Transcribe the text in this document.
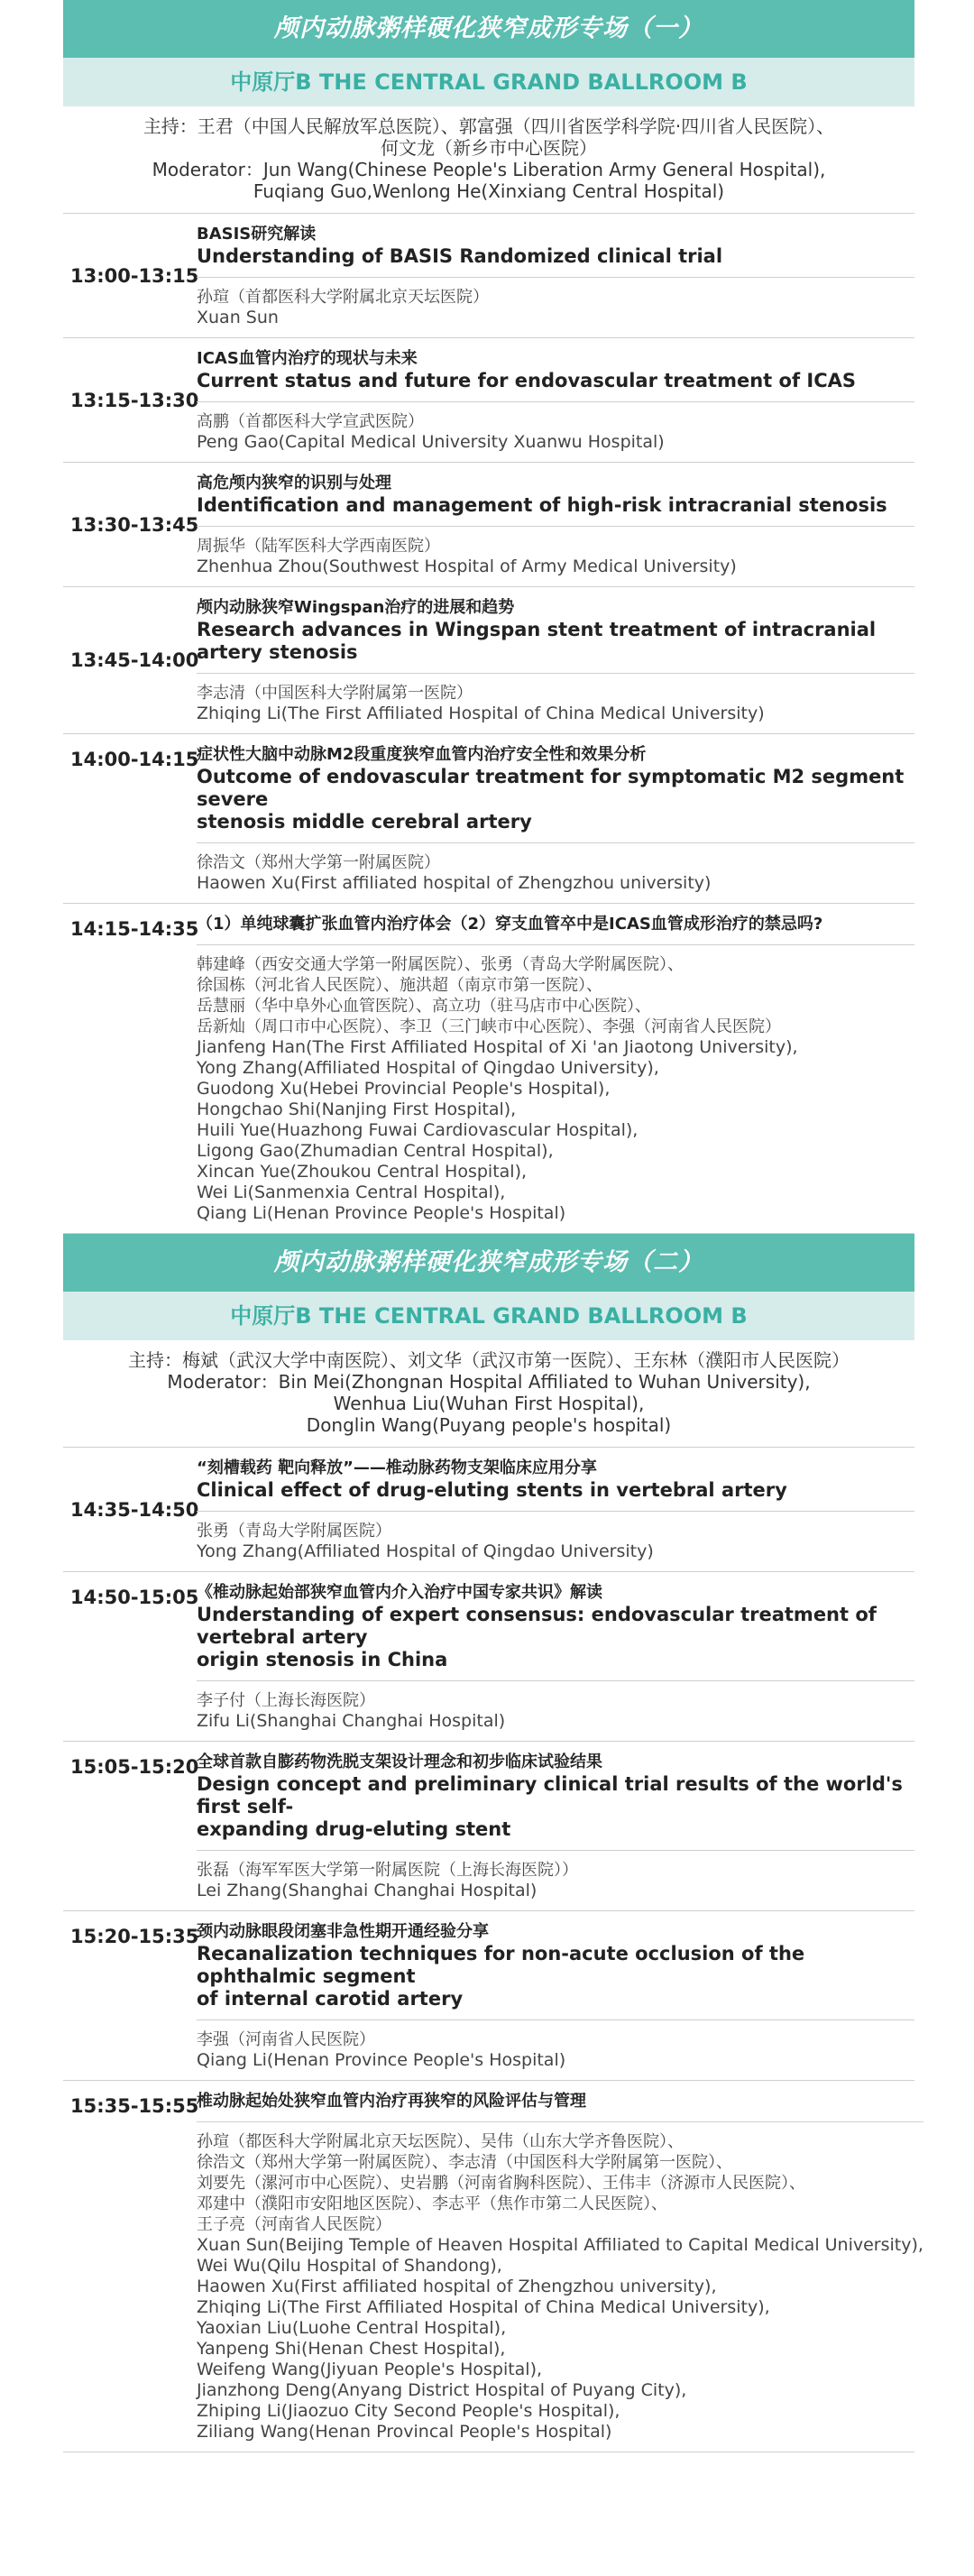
颅内动脉粥样硬化狭窄成形专场（一）
中原厅B THE CENTRAL GRAND BALLROOM B
主持：王君（中国人民解放军总医院）、郭富强（四川省医学科学院·四川省人民医院）、
何文龙（新乡市中心医院）
Moderator：Jun Wang(Chinese People's Liberation Army General Hospital),
Fuqiang Guo,Wenlong He(Xinxiang Central Hospital)
13:00-13:15
BASIS研究解读
Understanding of BASIS Randomized clinical trial
孙瑄（首都医科大学附属北京天坛医院）
Xuan Sun
13:15-13:30
ICAS血管内治疗的现状与未来
Current status and future for endovascular treatment of ICAS
高鹏（首都医科大学宣武医院）
Peng Gao(Capital Medical University Xuanwu Hospital)
13:30-13:45
高危颅内狭窄的识别与处理
Identification and management of high-risk intracranial stenosis
周振华（陆军医科大学西南医院）
Zhenhua Zhou(Southwest Hospital of Army Medical University)
13:45-14:00
颅内动脉狭窄Wingspan治疗的进展和趋势
Research advances in Wingspan stent treatment of intracranial artery stenosis
李志清（中国医科大学附属第一医院）
Zhiqing Li(The First Affiliated Hospital of China Medical University)
14:00-14:15
症状性大脑中动脉M2段重度狭窄血管内治疗安全性和效果分析
Outcome of endovascular treatment for symptomatic M2 segment severe
stenosis middle cerebral artery
徐浩文（郑州大学第一附属医院）
Haowen Xu(First affiliated hospital of Zhengzhou university)
14:15-14:35
（1）单纯球囊扩张血管内治疗体会（2）穿支血管卒中是ICAS血管成形治疗的禁忌吗?
韩建峰（西安交通大学第一附属医院）、张勇（青岛大学附属医院）、
徐国栋（河北省人民医院）、施洪超（南京市第一医院）、
岳慧丽（华中阜外心血管医院）、高立功（驻马店市中心医院）、
岳新灿（周口市中心医院）、李卫（三门峡市中心医院）、李强（河南省人民医院）
Jianfeng Han(The First Affiliated Hospital of Xi 'an Jiaotong University),
Yong Zhang(Affiliated Hospital of Qingdao University),
Guodong Xu(Hebei Provincial People's Hospital),
Hongchao Shi(Nanjing First Hospital),
Huili Yue(Huazhong Fuwai Cardiovascular Hospital),
Ligong Gao(Zhumadian Central Hospital),
Xincan Yue(Zhoukou Central Hospital),
Wei Li(Sanmenxia Central Hospital),
Qiang Li(Henan Province People's Hospital)
颅内动脉粥样硬化狭窄成形专场（二）
中原厅B THE CENTRAL GRAND BALLROOM B
主持：梅斌（武汉大学中南医院）、刘文华（武汉市第一医院）、王东林（濮阳市人民医院）
Moderator：Bin Mei(Zhongnan Hospital Affiliated to Wuhan University),
Wenhua Liu(Wuhan First Hospital),
Donglin Wang(Puyang people's hospital)
14:35-14:50
“刻槽载药 靶向释放”——椎动脉药物支架临床应用分享
Clinical effect of drug-eluting stents in vertebral artery
张勇（青岛大学附属医院）
Yong Zhang(Affiliated Hospital of Qingdao University)
14:50-15:05
《椎动脉起始部狭窄血管内介入治疗中国专家共识》解读
Understanding of expert consensus: endovascular treatment of vertebral artery
origin stenosis in China
李子付（上海长海医院）
Zifu Li(Shanghai Changhai Hospital)
15:05-15:20
全球首款自膨药物洗脱支架设计理念和初步临床试验结果
Design concept and preliminary clinical trial results of the world's first self-
expanding drug-eluting stent
张磊（海军军医大学第一附属医院（上海长海医院））
Lei Zhang(Shanghai Changhai Hospital)
15:20-15:35
颈内动脉眼段闭塞非急性期开通经验分享
Recanalization techniques for non-acute occlusion of the ophthalmic segment
of internal carotid artery
李强（河南省人民医院）
Qiang Li(Henan Province People's Hospital)
15:35-15:55
椎动脉起始处狭窄血管内治疗再狭窄的风险评估与管理
孙瑄（都医科大学附属北京天坛医院）、吴伟（山东大学齐鲁医院）、
徐浩文（郑州大学第一附属医院）、李志清（中国医科大学附属第一医院）、
刘要先（漯河市中心医院）、史岩鹏（河南省胸科医院）、王伟丰（济源市人民医院）、
邓建中（濮阳市安阳地区医院）、李志平（焦作市第二人民医院）、
王子亮（河南省人民医院）
Xuan Sun(Beijing Temple of Heaven Hospital Affiliated to Capital Medical University),
Wei Wu(Qilu Hospital of Shandong),
Haowen Xu(First affiliated hospital of Zhengzhou university),
Zhiqing Li(The First Affiliated Hospital of China Medical University),
Yaoxian Liu(Luohe Central Hospital),
Yanpeng Shi(Henan Chest Hospital),
Weifeng Wang(Jiyuan People's Hospital),
Jianzhong Deng(Anyang District Hospital of Puyang City),
Zhiping Li(Jiaozuo City Second People's Hospital),
Ziliang Wang(Henan Provincal People's Hospital)
